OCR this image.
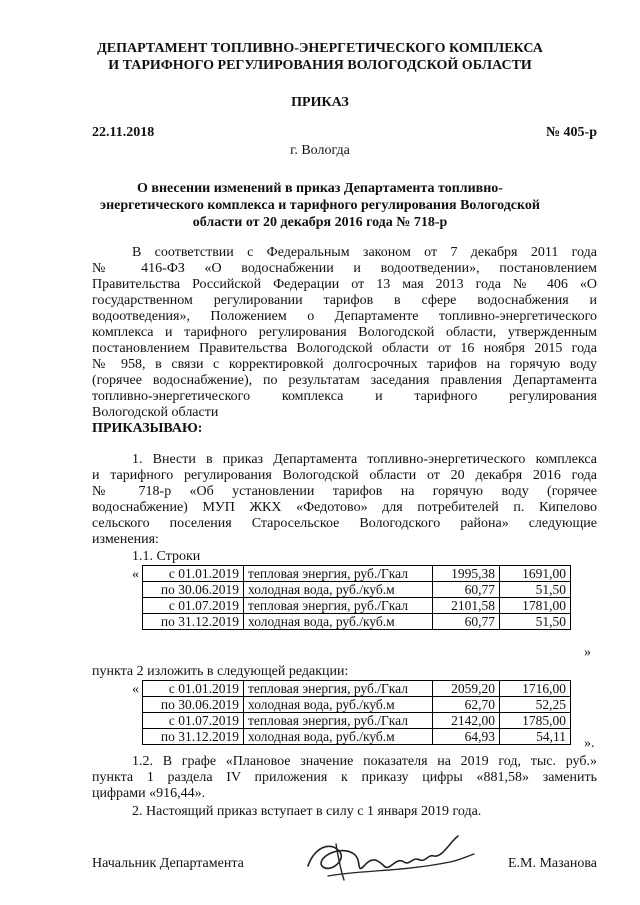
ДЕПАРТАМЕНТ ТОПЛИВНО-ЭНЕРГЕТИЧЕСКОГО КОМПЛЕКСА
И ТАРИФНОГО РЕГУЛИРОВАНИЯ ВОЛОГОДСКОЙ ОБЛАСТИ
ПРИКАЗ
22.11.2018	№ 405-р
г. Вологда
О внесении изменений в приказ Департамента топливно-
энергетического комплекса и тарифного регулирования Вологодской
области от 20 декабря 2016 года № 718-р
В соответствии с Федеральным законом от 7 декабря 2011 года
№ 416-ФЗ «О водоснабжении и водоотведении», постановлением
Правительства Российской Федерации от 13 мая 2013 года № 406 «О
государственном регулировании тарифов в сфере водоснабжения и
водоотведения», Положением о Департаменте топливно-энергетического
комплекса и тарифного регулирования Вологодской области, утвержденным
постановлением Правительства Вологодской области от 16 ноября 2015 года
№ 958, в связи с корректировкой долгосрочных тарифов на горячую воду
(горячее водоснабжение), по результатам заседания правления Департамента
топливно-энергетического комплекса и тарифного регулирования
Вологодской области
ПРИКАЗЫВАЮ:
1. Внести в приказ Департамента топливно-энергетического комплекса
и тарифного регулирования Вологодской области от 20 декабря 2016 года
№ 718-р «Об установлении тарифов на горячую воду (горячее
водоснабжение) МУП ЖКХ «Федотово» для потребителей п. Кипелово
сельского поселения Старосельское Вологодского района» следующие
изменения:
1.1. Строки
« с 01.01.2019	тепловая энергия, руб./Гкал	1995,38	1691,00
по 30.06.2019	холодная вода, руб./куб.м	60,77	51,50
с 01.07.2019	тепловая энергия, руб./Гкал	2101,58	1781,00
по 31.12.2019	холодная вода, руб./куб.м	60,77	51,50
»
пункта 2 изложить в следующей редакции:
« с 01.01.2019	тепловая энергия, руб./Гкал	2059,20	1716,00
по 30.06.2019	холодная вода, руб./куб.м	62,70	52,25
с 01.07.2019	тепловая энергия, руб./Гкал	2142,00	1785,00
по 31.12.2019	холодная вода, руб./куб.м	64,93	54,11 ».
1.2. В графе «Плановое значение показателя на 2019 год, тыс. руб.»
пункта 1 раздела IV приложения к приказу цифры «881,58» заменить
цифрами «916,44».
2. Настоящий приказ вступает в силу с 1 января 2019 года.
Начальник Департамента	Е.М. Мазанова
